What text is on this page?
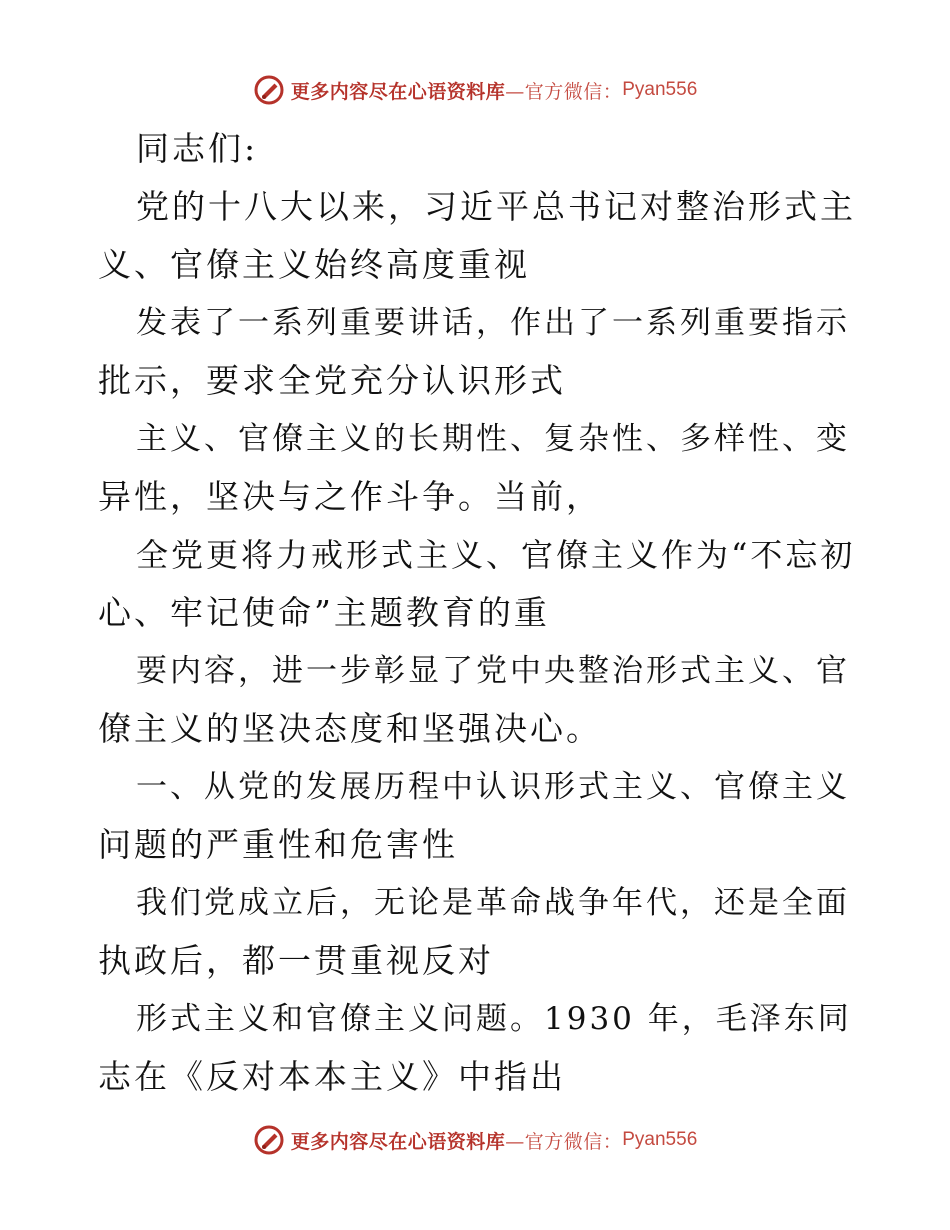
更多内容尽在心语资料库 —官方微信： Pyan556
同志们:
党的十八大以来，习近平总书记对整治形式主
义、官僚主义始终高度重视
发表了一系列重要讲话，作出了一系列重要指示
批示，要求全党充分认识形式
主义、官僚主义的长期性、复杂性、多样性、变
异性，坚决与之作斗争。当前，
全党更将力戒形式主义、官僚主义作为“不忘初
心、牢记使命”主题教育的重
要内容，进一步彰显了党中央整治形式主义、官
僚主义的坚决态度和坚强决心。
一、从党的发展历程中认识形式主义、官僚主义
问题的严重性和危害性
我们党成立后，无论是革命战争年代，还是全面
执政后，都一贯重视反对
形式主义和官僚主义问题。1930 年，毛泽东同
志在《反对本本主义》中指出
更多内容尽在心语资料库 —官方微信： Pyan556
